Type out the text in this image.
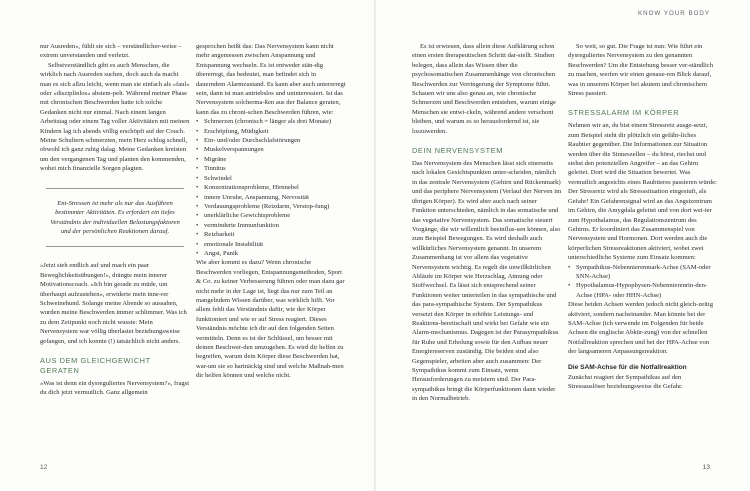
nur Ausreden«, fühlt sie sich – verständlicher-weise – extrem unverstanden und verletzt.

Selbstverständlich gibt es auch Menschen, die wirklich nach Ausreden suchen, doch auch da macht man es sich allzu leicht, wenn man sie einfach als »faul« oder »disziplinlos« abstem-pelt. Während meiner Phase mit chronischen Beschwerden hatte ich solche Gedanken nicht nur einmal. Nach einem langen Arbeitstag oder einem Tag voller Aktivitäten mit meinen Kindern lag ich abends völlig erschöpft auf der Couch. Meine Schultern schmerzten, mein Herz schlug schnell, obwohl ich ganz ruhig dalag. Meine Gedanken kreisten um den vergangenen Tag und planten den kommenden, wobei mich finanzielle Sorgen plagten.

Ent-Stressen ist mehr als nur das Ausführen bestimmter Aktivitäten. Es erfordert ein tiefes Verständnis der individuellen Belastungsfaktoren und der persönlichen Reaktionen darauf.

»Jetzt steh endlich auf und mach ein paar Beweglichkeitsübungen!«, drängte mein innerer Motivationscoach. »Ich bin gerade zu müde, um überhaupt aufzustehen«, erwiderte mein inne-rer Schweinehund. Solange meine Abende so aussahen, wurden meine Beschwerden immer schlimmer. Was ich zu dem Zeitpunkt noch nicht wusste: Mein Nervensystem war völlig überlastet beziehungsweise gefangen, und ich konnte (!) tatsächlich nicht anders.

AUS DEM GLEICHGEWICHT GERATEN

»Was ist denn ein dysreguliertes Nervensystem?«, fragst du dich jetzt vermutlich. Ganz allgemein

gesprochen heißt das: Das Nervensystem kann nicht mehr angemessen zwischen Anspannung und Entspannung wechseln. Es ist entweder stän-dig übererregt, das bedeutet, man befindet sich in dauerndem Alarmzustand. Es kann aber auch untererregt sein, dann ist man antriebslos und uninteressiert. Ist das Nervensystem solcherma-ßen aus der Balance geraten, kann das zu chroni-schen Beschwerden führen, wie:

• Schmerzen (chronisch = länger als drei Monate)
• Erschöpfung, Müdigkeit
• Ein- und/oder Durchschlafstörungen
• Muskelverspannungen
• Migräne
• Tinnitus
• Schwindel
• Konzentrationsprobleme, Hirnnebel
• innere Unruhe, Anspannung, Nervosität
• Verdauungsprobleme (Reizdarm, Verstop-fung)
• unerklärliche Gewichtsprobleme
• verminderte Immunfunktion
• Reizbarkeit
• emotionale Instabilität
• Angst, Panik

Wie aber kommt es dazu? Wenn chronische Beschwerden vorliegen, Entspannungsmethoden, Sport & Co. zu keiner Verbesserung führen oder man dazu gar nicht mehr in der Lage ist, liegt das nur zum Teil an mangelndem Wissen darüber, was wirklich hilft. Vor allem fehlt das Verständnis dafür, wie der Körper funktioniert und wie er auf Stress reagiert. Dieses Verständnis möchte ich dir auf den folgenden Seiten vermitteln. Denn es ist der Schlüssel, um besser mit deinen Beschwer-den umzugehen. Es wird dir helfen zu begreifen, warum dein Körper diese Beschwerden hat, war-um sie so hartnäckig sind und welche Maßnah-men dir helfen können und welche nicht.

12
KNOW YOUR BODY

Es ist erwiesen, dass allein diese Aufklärung schon einen ersten therapeutischen Schritt dar-stellt. Studien belegen, dass allein das Wissen über die psychosomatischen Zusammenhänge von chronischen Beschwerden zur Verringerung der Symptome führt. Schauen wir uns also genau an, wie chronische Schmerzen und Beschwerden entstehen, warum einige Menschen sie entwi-ckeln, während andere verschont bleiben, und warum es so herausfordernd ist, sie loszuwerden.

DEIN NERVENSYSTEM

Das Nervensystem des Menschen lässt sich einerseits nach lokalen Gesichtspunkten unter-scheiden, nämlich in das zentrale Nervensystem (Gehirn und Rückenmark) und das periphere Nervensystem (Verlauf der Nerven im übrigen Körper). Es wird aber auch nach seiner Funktion unterschieden, nämlich in das somatische und das vegetative Nervensystem. Das somatische steuert Vorgänge, die wir willentlich beeinflus-sen können, also zum Beispiel Bewegungen. Es wird deshalb auch willkürliches Nervensystem genannt. In unserem Zusammenhang ist vor allem das vegetative Nervensystem wichtig. Es regelt die unwillkürlichen Abläufe im Körper wie Herzschlag, Atmung oder Stoffwechsel. Es lässt sich entsprechend seiner Funktionen weiter unterteilen in das sympathische und das para-sympathische System. Der Sympathikus versetzt den Körper in erhöhte Leistungs- und Reaktions-bereitschaft und wirkt bei Gefahr wie ein Alarm-mechanismus. Dagegen ist der Parasympathikus für Ruhe und Erholung sowie für den Aufbau neuer Energiereserven zuständig. Die beiden sind also Gegenspieler, arbeiten aber auch zusammen: Der Sympathikus kommt zum Einsatz, wenn Herausforderungen zu meistern sind. Der Para-sympathikus bringt die Körperfunktionen dann wieder in den Normalbetrieb.

So weit, so gut. Die Frage ist nun: Wie führt ein dysreguliertes Nervensystem zu den genannten Beschwerden? Um die Entstehung besser ver-ständlich zu machen, werfen wir einen genaue-ren Blick darauf, was in unserem Körper bei akutem und chronischem Stress passiert.

STRESSALARM IM KÖRPER

Nehmen wir an, du bist einem Stressreiz ausge-setzt, zum Beispiel steht dir plötzlich ein gefähr-liches Raubtier gegenüber. Die Informationen zur Situation werden über die Sinneszellen – du hörst, riechst und siehst den potenziellen Angreifer – an das Gehirn geleitet. Dort wird die Situation bewertet. Was vermutlich angesichts eines Raubtieres passieren würde: Der Stressreiz wird als Stresssituation eingestuft, als Gefahr! Ein Gefahrensignal wird an das Angstzentrum im Gehirn, die Amygdala geleitet und von dort wei-ter zum Hypothalamus, das Regulationszentrum des Gehirns. Er koordiniert das Zusammenspiel von Nervensystem und Hormonen. Dort werden auch die körperlichen Stressreaktionen aktiviert, wobei zwei unterschiedliche Systeme zum Einsatz kommen:

• Sympathikus-Nebennierenmark-Achse (SAM-oder SNN-Achse)
• Hypothalamus-Hypophysen-Nebennierenrin-den-Achse (HPA- oder HHN-Achse)

Diese beiden Achsen werden jedoch nicht gleich-zeitig aktiviert, sondern nacheinander. Man könnte bei der SAM-Achse (ich verwende im Folgenden für beide Achsen die englische Abkür-zung) von der schnellen Notfallreaktion sprechen und bei der HPA-Achse von der langsameren Anpassungsreaktion.

Die SAM-Achse für die Notfallreaktion

Zunächst reagiert der Sympathikus auf den Stressauslöser beziehungsweise die Gefahr.

13
